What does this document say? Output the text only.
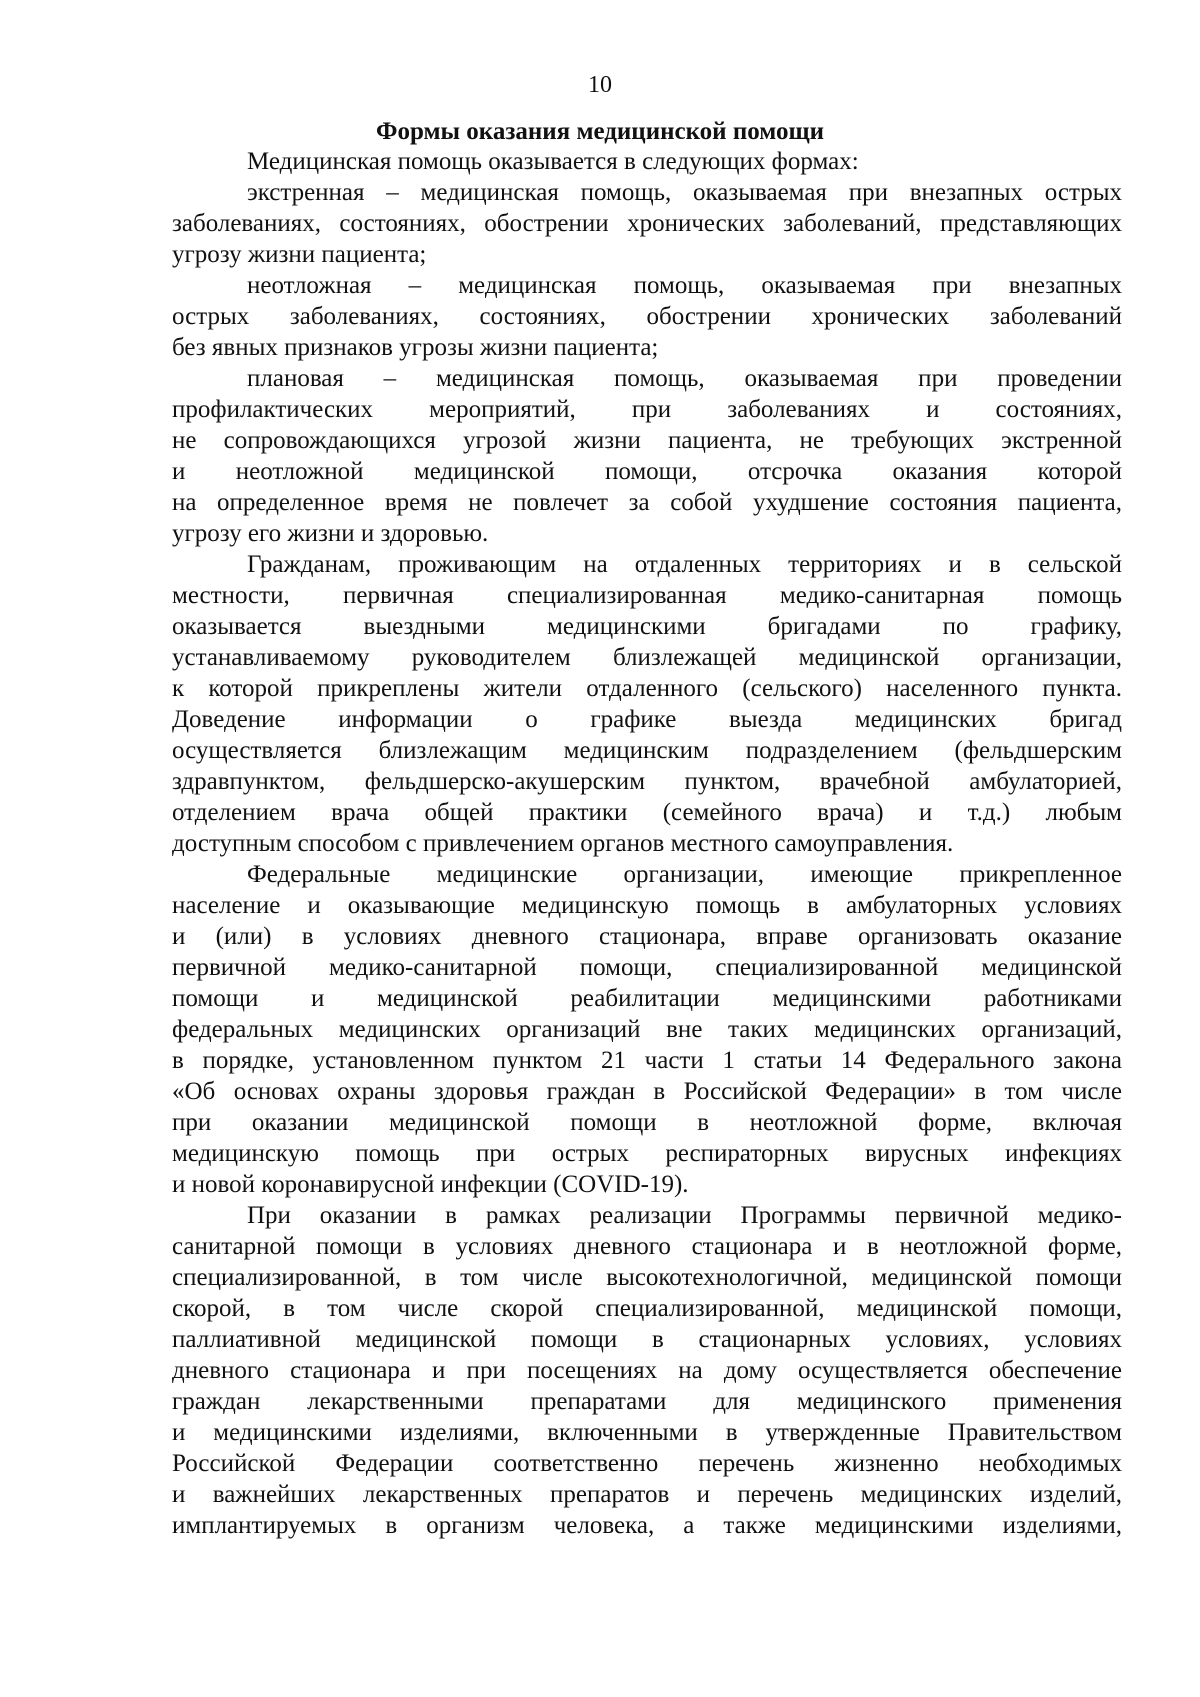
10
Формы оказания медицинской помощи
Медицинская помощь оказывается в следующих формах:
экстренная – медицинская помощь, оказываемая при внезапных острых
заболеваниях, состояниях, обострении хронических заболеваний, представляющих
угрозу жизни пациента;
неотложная – медицинская помощь, оказываемая при внезапных
острых заболеваниях, состояниях, обострении хронических заболеваний
без явных признаков угрозы жизни пациента;
плановая – медицинская помощь, оказываемая при проведении
профилактических мероприятий, при заболеваниях и состояниях,
не сопровождающихся угрозой жизни пациента, не требующих экстренной
и неотложной медицинской помощи, отсрочка оказания которой
на определенное время не повлечет за собой ухудшение состояния пациента,
угрозу его жизни и здоровью.
Гражданам, проживающим на отдаленных территориях и в сельской
местности, первичная специализированная медико-санитарная помощь
оказывается выездными медицинскими бригадами по графику,
устанавливаемому руководителем близлежащей медицинской организации,
к которой прикреплены жители отдаленного (сельского) населенного пункта.
Доведение информации о графике выезда медицинских бригад
осуществляется близлежащим медицинским подразделением (фельдшерским
здравпунктом, фельдшерско-акушерским пунктом, врачебной амбулаторией,
отделением врача общей практики (семейного врача) и т.д.) любым
доступным способом с привлечением органов местного самоуправления.
Федеральные медицинские организации, имеющие прикрепленное
население и оказывающие медицинскую помощь в амбулаторных условиях
и (или) в условиях дневного стационара, вправе организовать оказание
первичной медико-санитарной помощи, специализированной медицинской
помощи и медицинской реабилитации медицинскими работниками
федеральных медицинских организаций вне таких медицинских организаций,
в порядке, установленном пунктом 21 части 1 статьи 14 Федерального закона
«Об основах охраны здоровья граждан в Российской Федерации» в том числе
при оказании медицинской помощи в неотложной форме, включая
медицинскую помощь при острых респираторных вирусных инфекциях
и новой коронавирусной инфекции (COVID-19).
При оказании в рамках реализации Программы первичной медико-
санитарной помощи в условиях дневного стационара и в неотложной форме,
специализированной, в том числе высокотехнологичной, медицинской помощи
скорой, в том числе скорой специализированной, медицинской помощи,
паллиативной медицинской помощи в стационарных условиях, условиях
дневного стационара и при посещениях на дому осуществляется обеспечение
граждан лекарственными препаратами для медицинского применения
и медицинскими изделиями, включенными в утвержденные Правительством
Российской Федерации соответственно перечень жизненно необходимых
и важнейших лекарственных препаратов и перечень медицинских изделий,
имплантируемых в организм человека, а также медицинскими изделиями,
